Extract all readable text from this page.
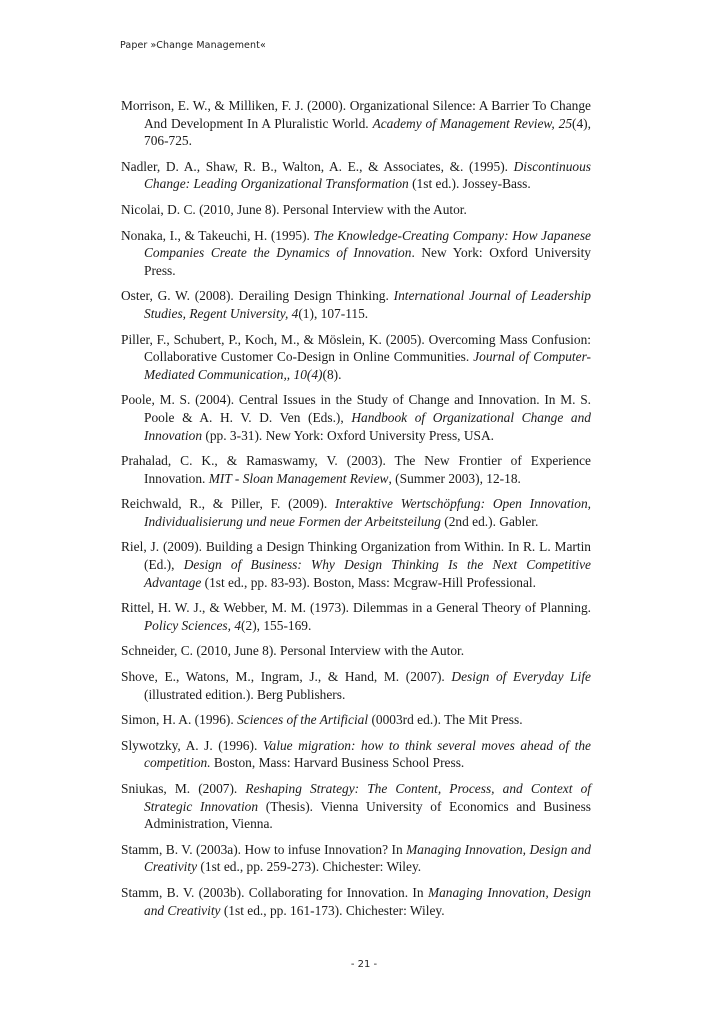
Paper »Change Management«

Morrison, E. W., & Milliken, F. J. (2000). Organizational Silence: A Barrier To Change And Development In A Pluralistic World. Academy of Management Review, 25(4), 706-725.

Nadler, D. A., Shaw, R. B., Walton, A. E., & Associates, &. (1995). Discontinuous Change: Leading Organizational Transformation (1st ed.). Jossey-Bass.

Nicolai, D. C. (2010, June 8). Personal Interview with the Autor.

Nonaka, I., & Takeuchi, H. (1995). The Knowledge-Creating Company: How Japanese Companies Create the Dynamics of Innovation. New York: Oxford University Press.

Oster, G. W. (2008). Derailing Design Thinking. International Journal of Leadership Studies, Regent University, 4(1), 107-115.

Piller, F., Schubert, P., Koch, M., & Möslein, K. (2005). Overcoming Mass Confusion: Collaborative Customer Co-Design in Online Communities. Journal of Computer-Mediated Communication,, 10(4)(8).

Poole, M. S. (2004). Central Issues in the Study of Change and Innovation. In M. S. Poole & A. H. V. D. Ven (Eds.), Handbook of Organizational Change and Innovation (pp. 3-31). New York: Oxford University Press, USA.

Prahalad, C. K., & Ramaswamy, V. (2003). The New Frontier of Experience Innovation. MIT - Sloan Management Review, (Summer 2003), 12-18.

Reichwald, R., & Piller, F. (2009). Interaktive Wertschöpfung: Open Innovation, Individualisierung und neue Formen der Arbeitsteilung (2nd ed.). Gabler.

Riel, J. (2009). Building a Design Thinking Organization from Within. In R. L. Martin (Ed.), Design of Business: Why Design Thinking Is the Next Competitive Advantage (1st ed., pp. 83-93). Boston, Mass: Mcgraw-Hill Professional.

Rittel, H. W. J., & Webber, M. M. (1973). Dilemmas in a General Theory of Planning. Policy Sciences, 4(2), 155-169.

Schneider, C. (2010, June 8). Personal Interview with the Autor.

Shove, E., Watons, M., Ingram, J., & Hand, M. (2007). Design of Everyday Life (illustrated edition.). Berg Publishers.

Simon, H. A. (1996). Sciences of the Artificial (0003rd ed.). The Mit Press.

Slywotzky, A. J. (1996). Value migration: how to think several moves ahead of the competition. Boston, Mass: Harvard Business School Press.

Sniukas, M. (2007). Reshaping Strategy: The Content, Process, and Context of Strategic Innovation (Thesis). Vienna University of Economics and Business Administration, Vienna.

Stamm, B. V. (2003a). How to infuse Innovation? In Managing Innovation, Design and Creativity (1st ed., pp. 259-273). Chichester: Wiley.

Stamm, B. V. (2003b). Collaborating for Innovation. In Managing Innovation, Design and Creativity (1st ed., pp. 161-173). Chichester: Wiley.

- 21 -
